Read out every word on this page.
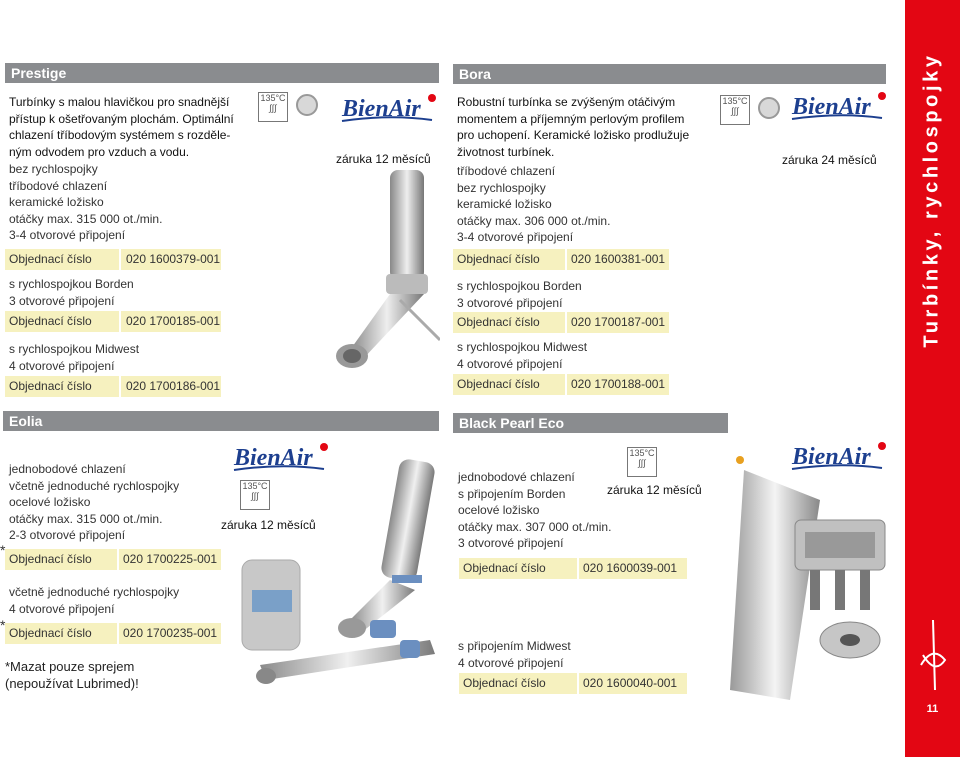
Prestige
Turbínky s malou hlavičkou pro snadnější
přístup k ošetřovaným plochám. Optimální
chlazení tříbodovým systémem s rozděle-
ným odvodem pro vzduch a vodu.
bez rychlospojky
tříbodové chlazení
keramické ložisko
otáčky max. 315 000 ot./min.
3-4 otvorové připojení
Objednací číslo	020 1600379-001
s rychlospojkou Borden
3 otvorové připojení
Objednací číslo	020 1700185-001
s rychlospojkou Midwest
4 otvorové připojení
Objednací číslo	020 1700186-001
135°C
∫∫∫	BienAir
záruka 12 měsíců
Bora
Robustní turbínka se zvýšeným otáčivým
momentem a příjemným perlovým profilem
pro uchopení. Keramické ložisko prodlužuje
životnost turbínek.
tříbodové chlazení
bez rychlospojky
keramické ložisko
otáčky max. 306 000 ot./min.
3-4 otvorové připojení
Objednací číslo	020 1600381-001
s rychlospojkou Borden
3 otvorové připojení
Objednací číslo	020 1700187-001
s rychlospojkou Midwest
4 otvorové připojení
Objednací číslo	020 1700188-001
135°C
∫∫∫	BienAir
záruka 24 měsíců
Eolia
jednobodové chlazení
včetně jednoduché rychlospojky
ocelové ložisko
otáčky max. 315 000 ot./min.
2-3 otvorové připojení
Objednací číslo	020 1700225-001
*
včetně jednoduché rychlospojky
4 otvorové připojení
Objednací číslo	020 1700235-001
*
*Mazat pouze sprejem
(nepoužívat Lubrimed)!
BienAir
135°C
∫∫∫
záruka 12 měsíců
Black Pearl Eco
jednobodové chlazení
s připojením Borden
ocelové ložisko
otáčky max. 307 000 ot./min.
3 otvorové připojení
Objednací číslo	020 1600039-001
s připojením Midwest
4 otvorové připojení
Objednací číslo	020 1600040-001
135°C
∫∫∫
záruka 12 měsíců
BienAir
Turbínky, rychlospojky
11
